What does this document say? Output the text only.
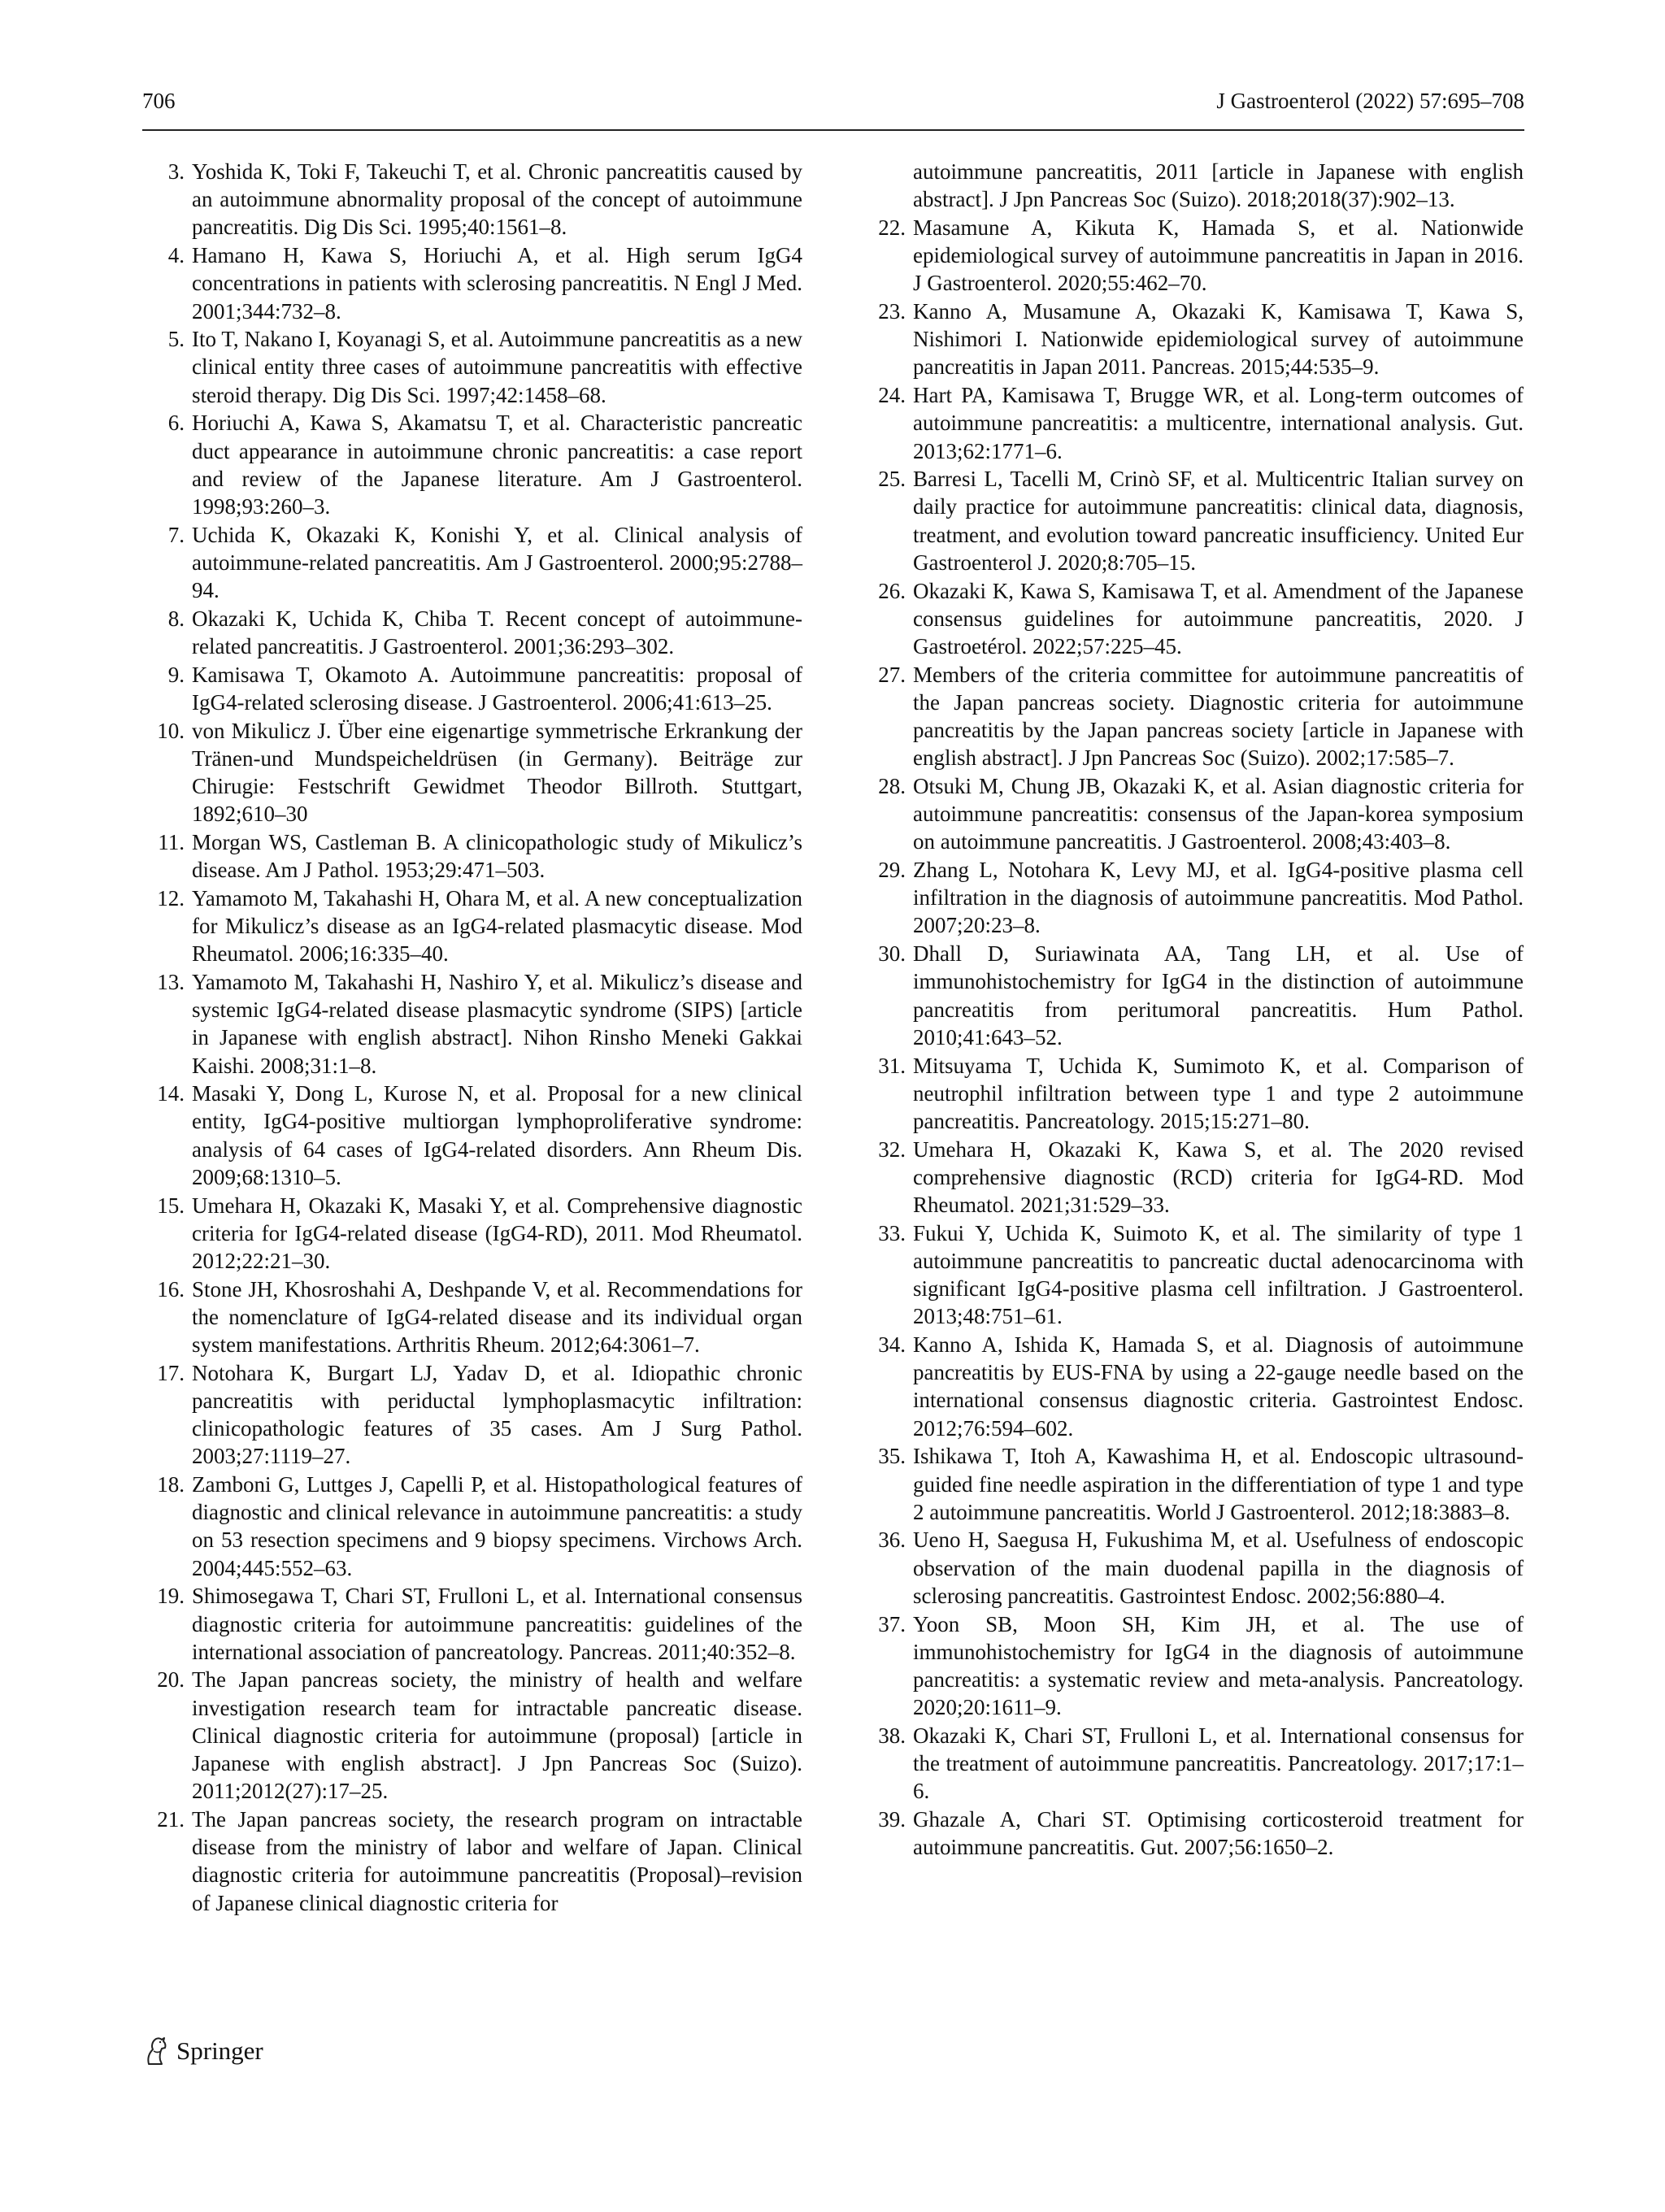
706	J Gastroenterol (2022) 57:695–708
3. Yoshida K, Toki F, Takeuchi T, et al. Chronic pancreatitis caused by an autoimmune abnormality proposal of the concept of autoimmune pancreatitis. Dig Dis Sci. 1995;40:1561–8.
4. Hamano H, Kawa S, Horiuchi A, et al. High serum IgG4 concentrations in patients with sclerosing pancreatitis. N Engl J Med. 2001;344:732–8.
5. Ito T, Nakano I, Koyanagi S, et al. Autoimmune pancreatitis as a new clinical entity three cases of autoimmune pancreatitis with effective steroid therapy. Dig Dis Sci. 1997;42:1458–68.
6. Horiuchi A, Kawa S, Akamatsu T, et al. Characteristic pancreatic duct appearance in autoimmune chronic pancreatitis: a case report and review of the Japanese literature. Am J Gastroenterol. 1998;93:260–3.
7. Uchida K, Okazaki K, Konishi Y, et al. Clinical analysis of autoimmune-related pancreatitis. Am J Gastroenterol. 2000;95:2788–94.
8. Okazaki K, Uchida K, Chiba T. Recent concept of autoimmune-related pancreatitis. J Gastroenterol. 2001;36:293–302.
9. Kamisawa T, Okamoto A. Autoimmune pancreatitis: proposal of IgG4-related sclerosing disease. J Gastroenterol. 2006;41:613–25.
10. von Mikulicz J. Über eine eigenartige symmetrische Erkrankung der Tränen-und Mundspeicheldrüsen (in Germany). Beiträge zur Chirugie: Festschrift Gewidmet Theodor Billroth. Stuttgart, 1892;610–30
11. Morgan WS, Castleman B. A clinicopathologic study of Mikulicz’s disease. Am J Pathol. 1953;29:471–503.
12. Yamamoto M, Takahashi H, Ohara M, et al. A new conceptualization for Mikulicz’s disease as an IgG4-related plasmacytic disease. Mod Rheumatol. 2006;16:335–40.
13. Yamamoto M, Takahashi H, Nashiro Y, et al. Mikulicz’s disease and systemic IgG4-related disease plasmacytic syndrome (SIPS) [article in Japanese with english abstract]. Nihon Rinsho Meneki Gakkai Kaishi. 2008;31:1–8.
14. Masaki Y, Dong L, Kurose N, et al. Proposal for a new clinical entity, IgG4-positive multiorgan lymphoproliferative syndrome: analysis of 64 cases of IgG4-related disorders. Ann Rheum Dis. 2009;68:1310–5.
15. Umehara H, Okazaki K, Masaki Y, et al. Comprehensive diagnostic criteria for IgG4-related disease (IgG4-RD), 2011. Mod Rheumatol. 2012;22:21–30.
16. Stone JH, Khosroshahi A, Deshpande V, et al. Recommendations for the nomenclature of IgG4-related disease and its individual organ system manifestations. Arthritis Rheum. 2012;64:3061–7.
17. Notohara K, Burgart LJ, Yadav D, et al. Idiopathic chronic pancreatitis with periductal lymphoplasmacytic infiltration: clinicopathologic features of 35 cases. Am J Surg Pathol. 2003;27:1119–27.
18. Zamboni G, Luttges J, Capelli P, et al. Histopathological features of diagnostic and clinical relevance in autoimmune pancreatitis: a study on 53 resection specimens and 9 biopsy specimens. Virchows Arch. 2004;445:552–63.
19. Shimosegawa T, Chari ST, Frulloni L, et al. International consensus diagnostic criteria for autoimmune pancreatitis: guidelines of the international association of pancreatology. Pancreas. 2011;40:352–8.
20. The Japan pancreas society, the ministry of health and welfare investigation research team for intractable pancreatic disease. Clinical diagnostic criteria for autoimmune (proposal) [article in Japanese with english abstract]. J Jpn Pancreas Soc (Suizo). 2011;2012(27):17–25.
21. The Japan pancreas society, the research program on intractable disease from the ministry of labor and welfare of Japan. Clinical diagnostic criteria for autoimmune pancreatitis (Proposal)–revision of Japanese clinical diagnostic criteria for
autoimmune pancreatitis, 2011 [article in Japanese with english abstract]. J Jpn Pancreas Soc (Suizo). 2018;2018(37):902–13.
22. Masamune A, Kikuta K, Hamada S, et al. Nationwide epidemiological survey of autoimmune pancreatitis in Japan in 2016. J Gastroenterol. 2020;55:462–70.
23. Kanno A, Musamune A, Okazaki K, Kamisawa T, Kawa S, Nishimori I. Nationwide epidemiological survey of autoimmune pancreatitis in Japan 2011. Pancreas. 2015;44:535–9.
24. Hart PA, Kamisawa T, Brugge WR, et al. Long-term outcomes of autoimmune pancreatitis: a multicentre, international analysis. Gut. 2013;62:1771–6.
25. Barresi L, Tacelli M, Crinò SF, et al. Multicentric Italian survey on daily practice for autoimmune pancreatitis: clinical data, diagnosis, treatment, and evolution toward pancreatic insufficiency. United Eur Gastroenterol J. 2020;8:705–15.
26. Okazaki K, Kawa S, Kamisawa T, et al. Amendment of the Japanese consensus guidelines for autoimmune pancreatitis, 2020. J Gastroetérol. 2022;57:225–45.
27. Members of the criteria committee for autoimmune pancreatitis of the Japan pancreas society. Diagnostic criteria for autoimmune pancreatitis by the Japan pancreas society [article in Japanese with english abstract]. J Jpn Pancreas Soc (Suizo). 2002;17:585–7.
28. Otsuki M, Chung JB, Okazaki K, et al. Asian diagnostic criteria for autoimmune pancreatitis: consensus of the Japan-korea symposium on autoimmune pancreatitis. J Gastroenterol. 2008;43:403–8.
29. Zhang L, Notohara K, Levy MJ, et al. IgG4-positive plasma cell infiltration in the diagnosis of autoimmune pancreatitis. Mod Pathol. 2007;20:23–8.
30. Dhall D, Suriawinata AA, Tang LH, et al. Use of immunohistochemistry for IgG4 in the distinction of autoimmune pancreatitis from peritumoral pancreatitis. Hum Pathol. 2010;41:643–52.
31. Mitsuyama T, Uchida K, Sumimoto K, et al. Comparison of neutrophil infiltration between type 1 and type 2 autoimmune pancreatitis. Pancreatology. 2015;15:271–80.
32. Umehara H, Okazaki K, Kawa S, et al. The 2020 revised comprehensive diagnostic (RCD) criteria for IgG4-RD. Mod Rheumatol. 2021;31:529–33.
33. Fukui Y, Uchida K, Suimoto K, et al. The similarity of type 1 autoimmune pancreatitis to pancreatic ductal adenocarcinoma with significant IgG4-positive plasma cell infiltration. J Gastroenterol. 2013;48:751–61.
34. Kanno A, Ishida K, Hamada S, et al. Diagnosis of autoimmune pancreatitis by EUS-FNA by using a 22-gauge needle based on the international consensus diagnostic criteria. Gastrointest Endosc. 2012;76:594–602.
35. Ishikawa T, Itoh A, Kawashima H, et al. Endoscopic ultrasound-guided fine needle aspiration in the differentiation of type 1 and type 2 autoimmune pancreatitis. World J Gastroenterol. 2012;18:3883–8.
36. Ueno H, Saegusa H, Fukushima M, et al. Usefulness of endoscopic observation of the main duodenal papilla in the diagnosis of sclerosing pancreatitis. Gastrointest Endosc. 2002;56:880–4.
37. Yoon SB, Moon SH, Kim JH, et al. The use of immunohistochemistry for IgG4 in the diagnosis of autoimmune pancreatitis: a systematic review and meta-analysis. Pancreatology. 2020;20:1611–9.
38. Okazaki K, Chari ST, Frulloni L, et al. International consensus for the treatment of autoimmune pancreatitis. Pancreatology. 2017;17:1–6.
39. Ghazale A, Chari ST. Optimising corticosteroid treatment for autoimmune pancreatitis. Gut. 2007;56:1650–2.
Springer
